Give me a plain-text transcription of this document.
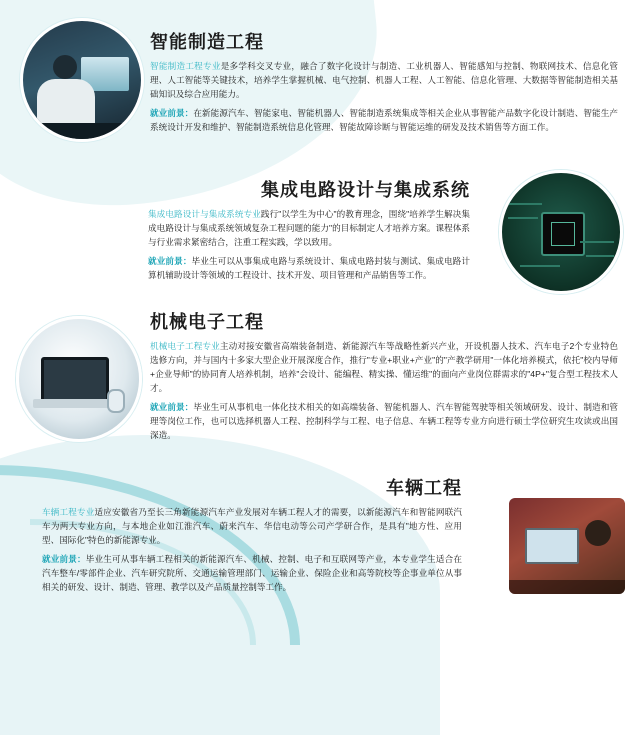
智能制造工程

智能制造工程专业是多学科交叉专业，融合了数字化设计与制造、工业机器人、智能感知与控制、物联网技术、信息化管理、人工智能等关键技术，培养学生掌握机械、电气控制、机器人工程、人工智能、信息化管理、大数据等智能制造相关基础知识及综合应用能力。

就业前景：在新能源汽车、智能家电、智能机器人、智能制造系统集成等相关企业从事智能产品数字化设计制造、智能生产系统设计开发和维护、智能制造系统信息化管理、智能故障诊断与智能运维的研发及技术销售等方面工作。

集成电路设计与集成系统

集成电路设计与集成系统专业践行"以学生为中心"的教育理念，围绕"培养学生解决集成电路设计与集成系统领域复杂工程问题的能力"的目标制定人才培养方案。课程体系与行业需求紧密结合，注重工程实践，学以致用。

就业前景：毕业生可以从事集成电路与系统设计、集成电路封装与测试、集成电路计算机辅助设计等领域的工程设计、技术开发、项目管理和产品销售等工作。

机械电子工程

机械电子工程专业主动对接安徽省高端装备制造、新能源汽车等战略性新兴产业，开设机器人技术、汽车电子2个专业特色选修方向，并与国内十多家大型企业开展深度合作，推行"专业+职业+产业"的"产教学研用"一体化培养模式，依托"校内导师+企业导师"的协同育人培养机制，培养"会设计、能编程、精实操、懂运维"的面向产业岗位群需求的"4P+"复合型工程技术人才。

就业前景：毕业生可从事机电一体化技术相关的如高端装备、智能机器人、汽车智能驾驶等相关领域研发、设计、制造和管理等岗位工作，也可以选择机器人工程、控制科学与工程、电子信息、车辆工程等专业方向进行硕士学位研究生攻读或出国深造。

车辆工程

车辆工程专业适应安徽省乃至长三角新能源汽车产业发展对车辆工程人才的需要，以新能源汽车和智能网联汽车为两大专业方向，与本地企业如江淮汽车、蔚来汽车、华信电动等公司产学研合作，是具有"地方性、应用型、国际化"特色的新能源专业。

就业前景：毕业生可从事车辆工程相关的新能源汽车、机械、控制、电子和互联网等产业，本专业学生适合在汽车整车/零部件企业、汽车研究院所、交通运输管理部门、运输企业、保险企业和高等院校等企事业单位从事相关的研发、设计、制造、管理、教学以及产品质量控制等工作。
